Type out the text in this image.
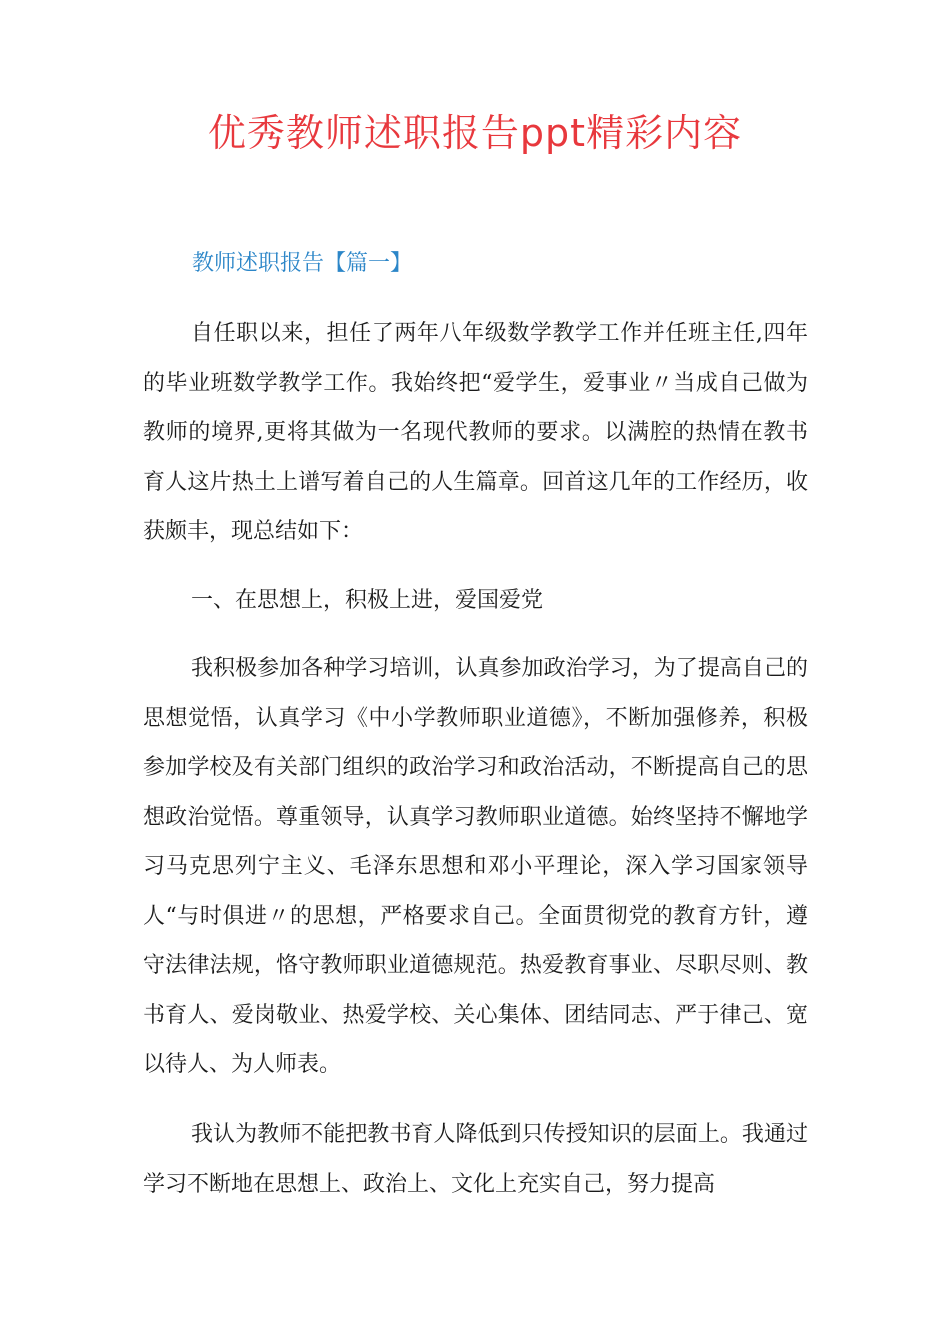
优秀教师述职报告ppt精彩内容
教师述职报告【篇一】

自任职以来，担任了两年八年级数学教学工作并任班主任,四年的毕业班数学教学工作。我始终把“爱学生，爱事业〃当成自己做为教师的境界,更将其做为一名现代教师的要求。以满腔的热情在教书育人这片热土上谱写着自己的人生篇章。回首这几年的工作经历，收获颇丰，现总结如下：

一、在思想上，积极上进，爱国爱党

我积极参加各种学习培训，认真参加政治学习，为了提高自己的思想觉悟，认真学习《中小学教师职业道德》，不断加强修养，积极参加学校及有关部门组织的政治学习和政治活动，不断提高自己的思想政治觉悟。尊重领导，认真学习教师职业道德。始终坚持不懈地学习马克思列宁主义、毛泽东思想和邓小平理论，深入学习国家领导人“与时俱进〃的思想，严格要求自己。全面贯彻党的教育方针，遵守法律法规，恪守教师职业道德规范。热爱教育事业、尽职尽则、教书育人、爱岗敬业、热爱学校、关心集体、团结同志、严于律己、宽以待人、为人师表。

我认为教师不能把教书育人降低到只传授知识的层面上。我通过学习不断地在思想上、政治上、文化上充实自己，努力提高
